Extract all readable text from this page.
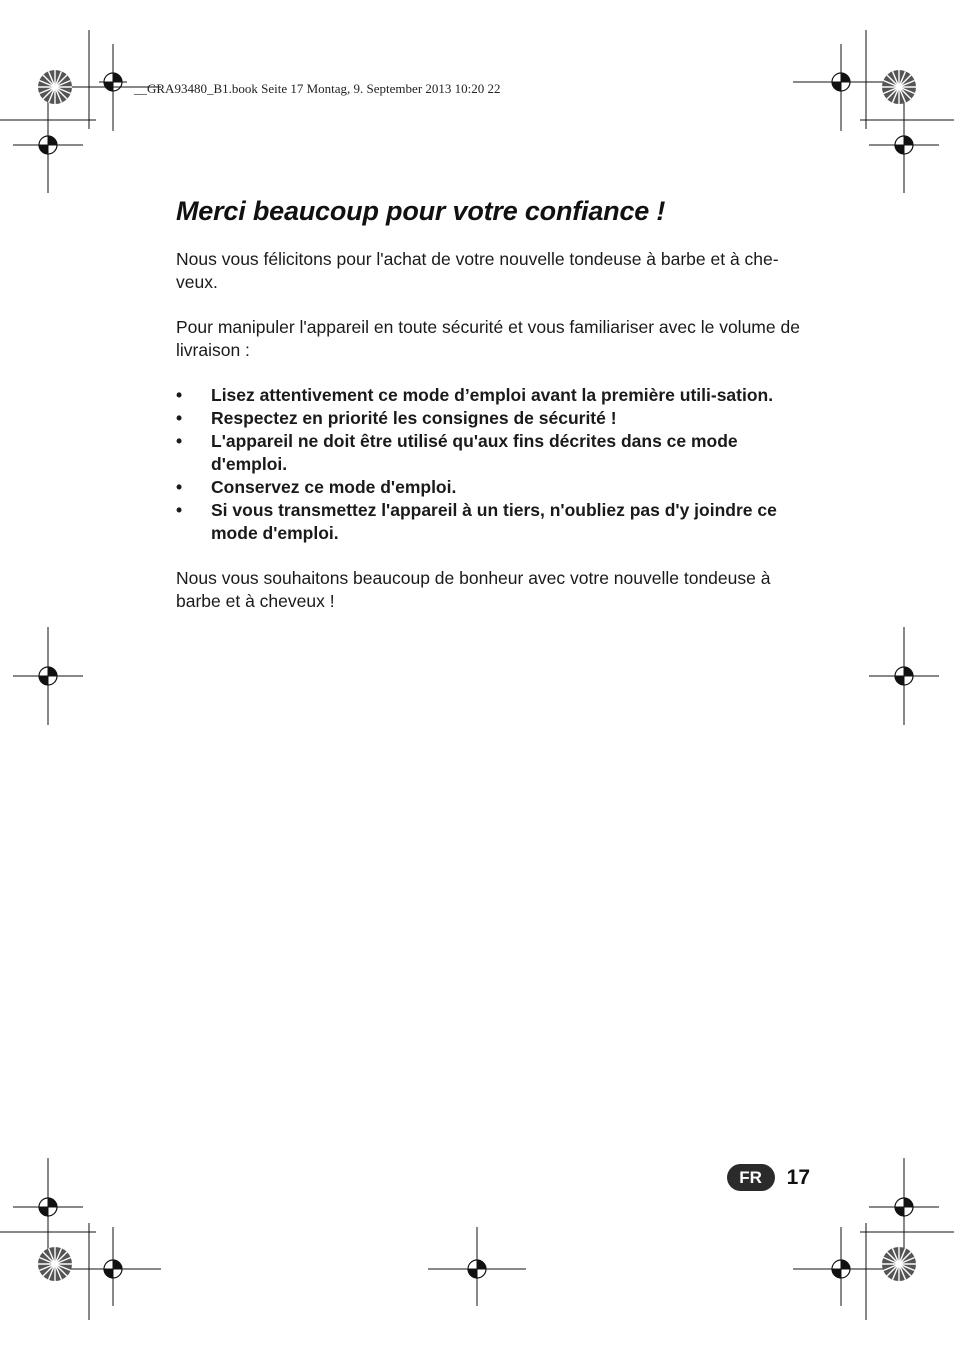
__GRA93480_B1.book Seite 17 Montag, 9. September 2013 10:20 22
Merci beaucoup pour votre confiance !

Nous vous félicitons pour l'achat de votre nouvelle tondeuse à barbe et à che-veux.

Pour manipuler l'appareil en toute sécurité et vous familiariser avec le volume de livraison :

• Lisez attentivement ce mode d’emploi avant la première utili-sation.
• Respectez en priorité les consignes de sécurité !
• L'appareil ne doit être utilisé qu'aux fins décrites dans ce mode d'emploi.
• Conservez ce mode d'emploi.
• Si vous transmettez l'appareil à un tiers, n'oubliez pas d'y joindre ce mode d'emploi.

Nous vous souhaitons beaucoup de bonheur avec votre nouvelle tondeuse à barbe et à cheveux !

FR	17
